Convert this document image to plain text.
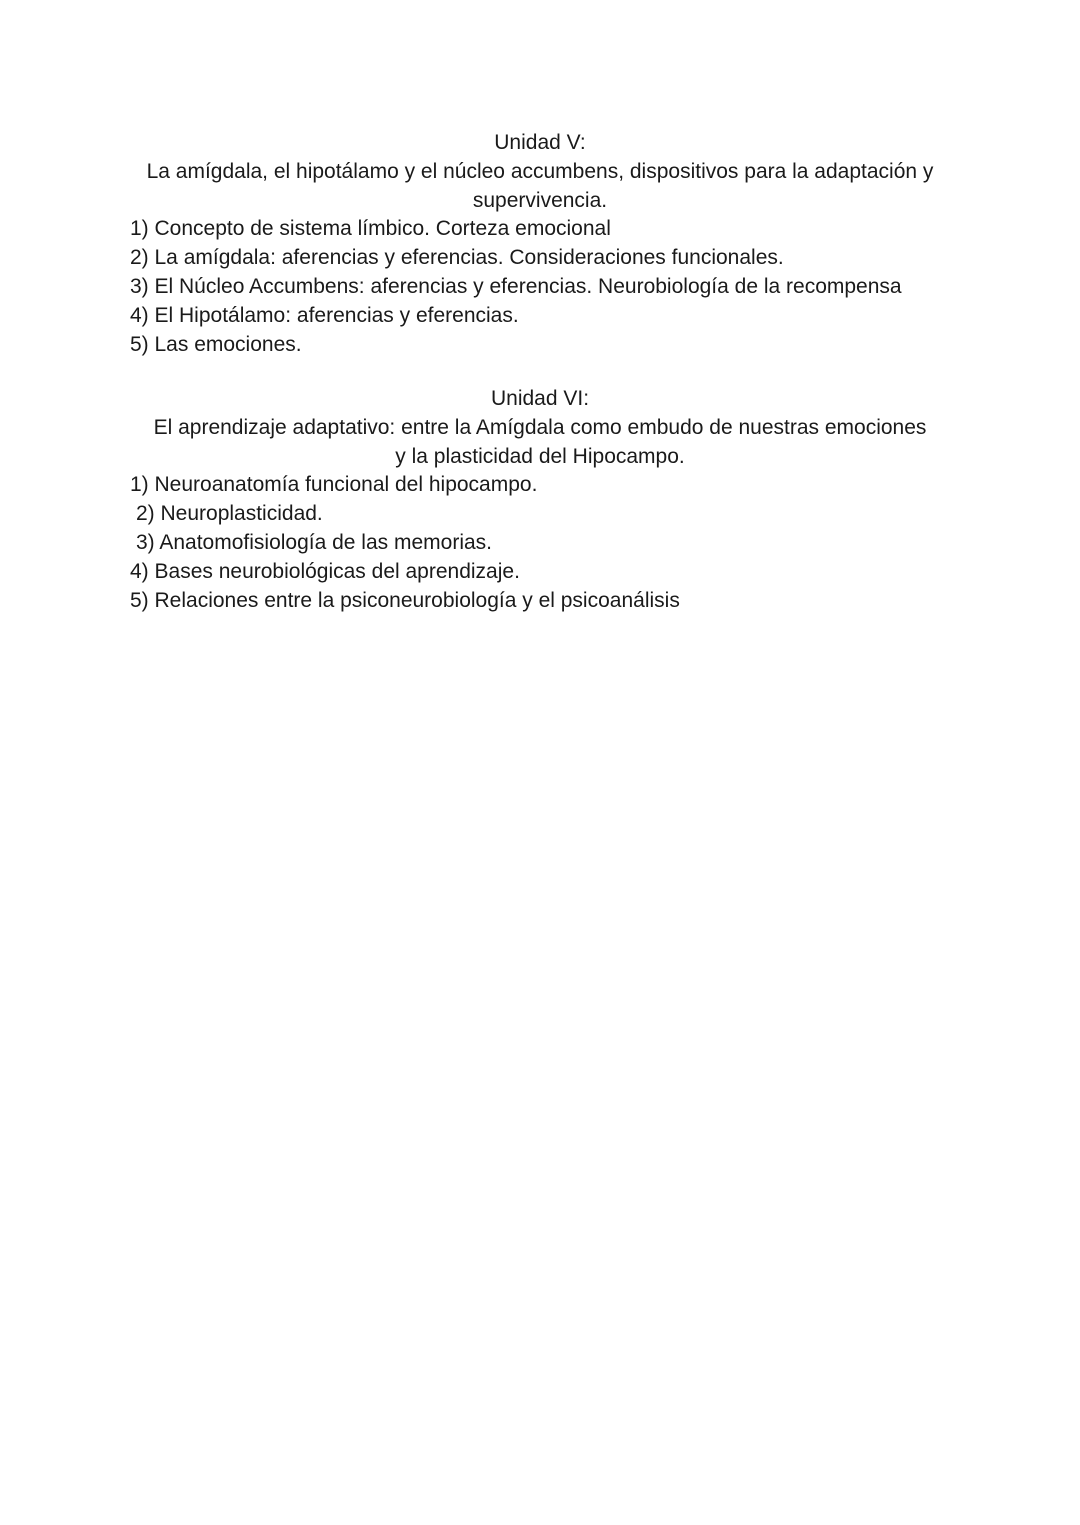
Unidad V:
La amígdala, el hipotálamo y el núcleo accumbens, dispositivos para la adaptación y
supervivencia.
1) Concepto de sistema límbico. Corteza emocional
2) La amígdala: aferencias y eferencias. Consideraciones funcionales.
3) El Núcleo Accumbens: aferencias y eferencias. Neurobiología de la recompensa
4) El Hipotálamo: aferencias y eferencias.
5) Las emociones.
Unidad VI:
El aprendizaje adaptativo: entre la Amígdala como embudo de nuestras emociones
y la plasticidad del Hipocampo.
1) Neuroanatomía funcional del hipocampo.
2) Neuroplasticidad.
3) Anatomofisiología de las memorias.
4) Bases neurobiológicas del aprendizaje.
5) Relaciones entre la psiconeurobiología y el psicoanálisis
